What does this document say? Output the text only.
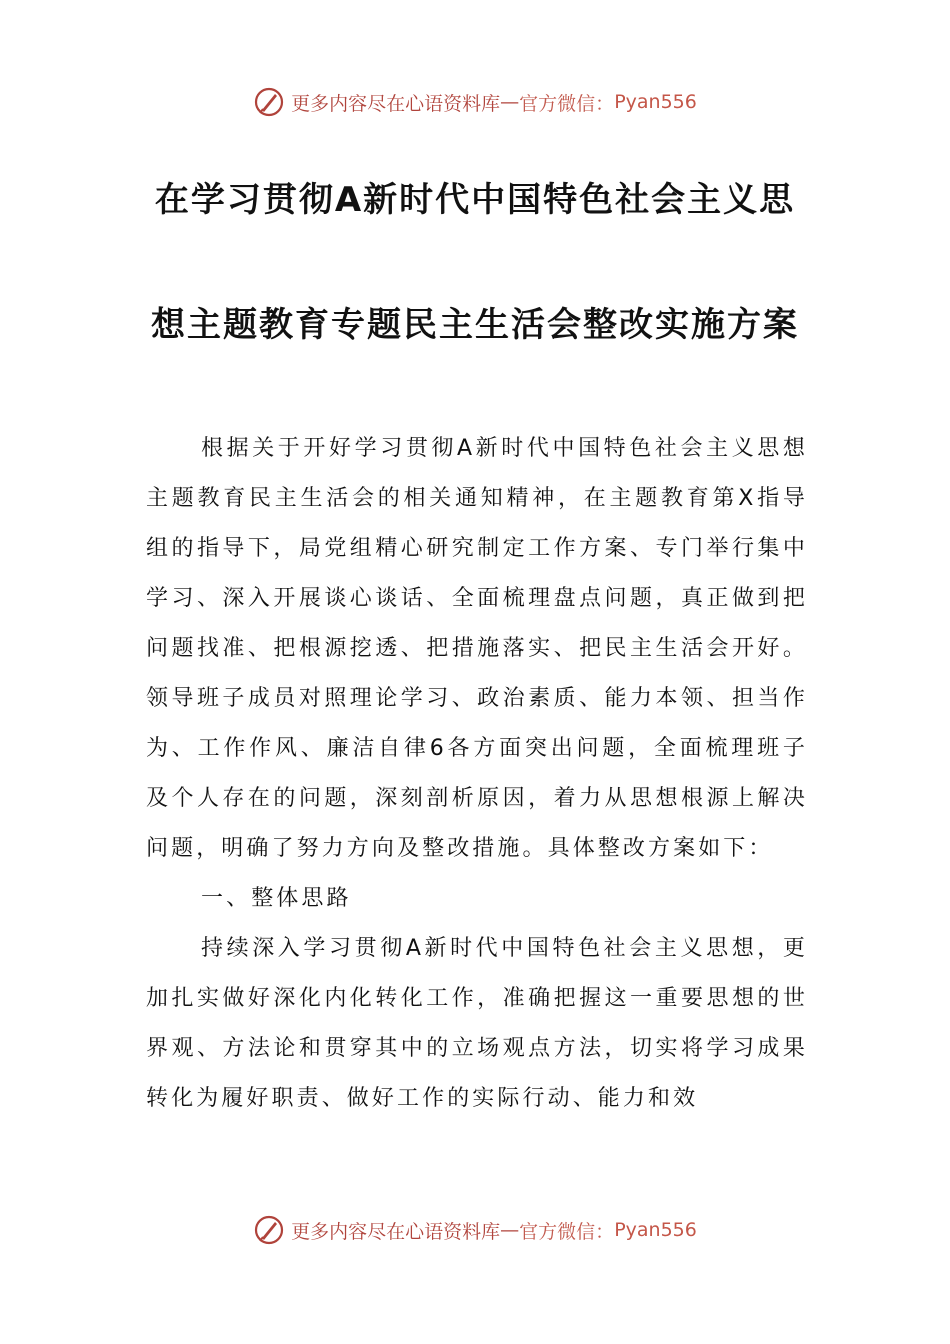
更多内容尽在心语资料库 — 官方微信： Pyan556
在学习贯彻A新时代中国特色社会主义思
想主题教育专题民主生活会整改实施方案

根据关于开好学习贯彻A新时代中国特色社会主义思想主题教育民主生活会的相关通知精神，在主题教育第X指导组的指导下，局党组精心研究制定工作方案、专门举行集中学习、深入开展谈心谈话、全面梳理盘点问题，真正做到把问题找准、把根源挖透、把措施落实、把民主生活会开好。领导班子成员对照理论学习、政治素质、能力本领、担当作为、工作作风、廉洁自律6各方面突出问题，全面梳理班子及个人存在的问题，深刻剖析原因，着力从思想根源上解决问题，明确了努力方向及整改措施。具体整改方案如下：

一、整体思路

持续深入学习贯彻A新时代中国特色社会主义思想，更加扎实做好深化内化转化工作，准确把握这一重要思想的世界观、方法论和贯穿其中的立场观点方法，切实将学习成果转化为履好职责、做好工作的实际行动、能力和效

更多内容尽在心语资料库 — 官方微信： Pyan556
